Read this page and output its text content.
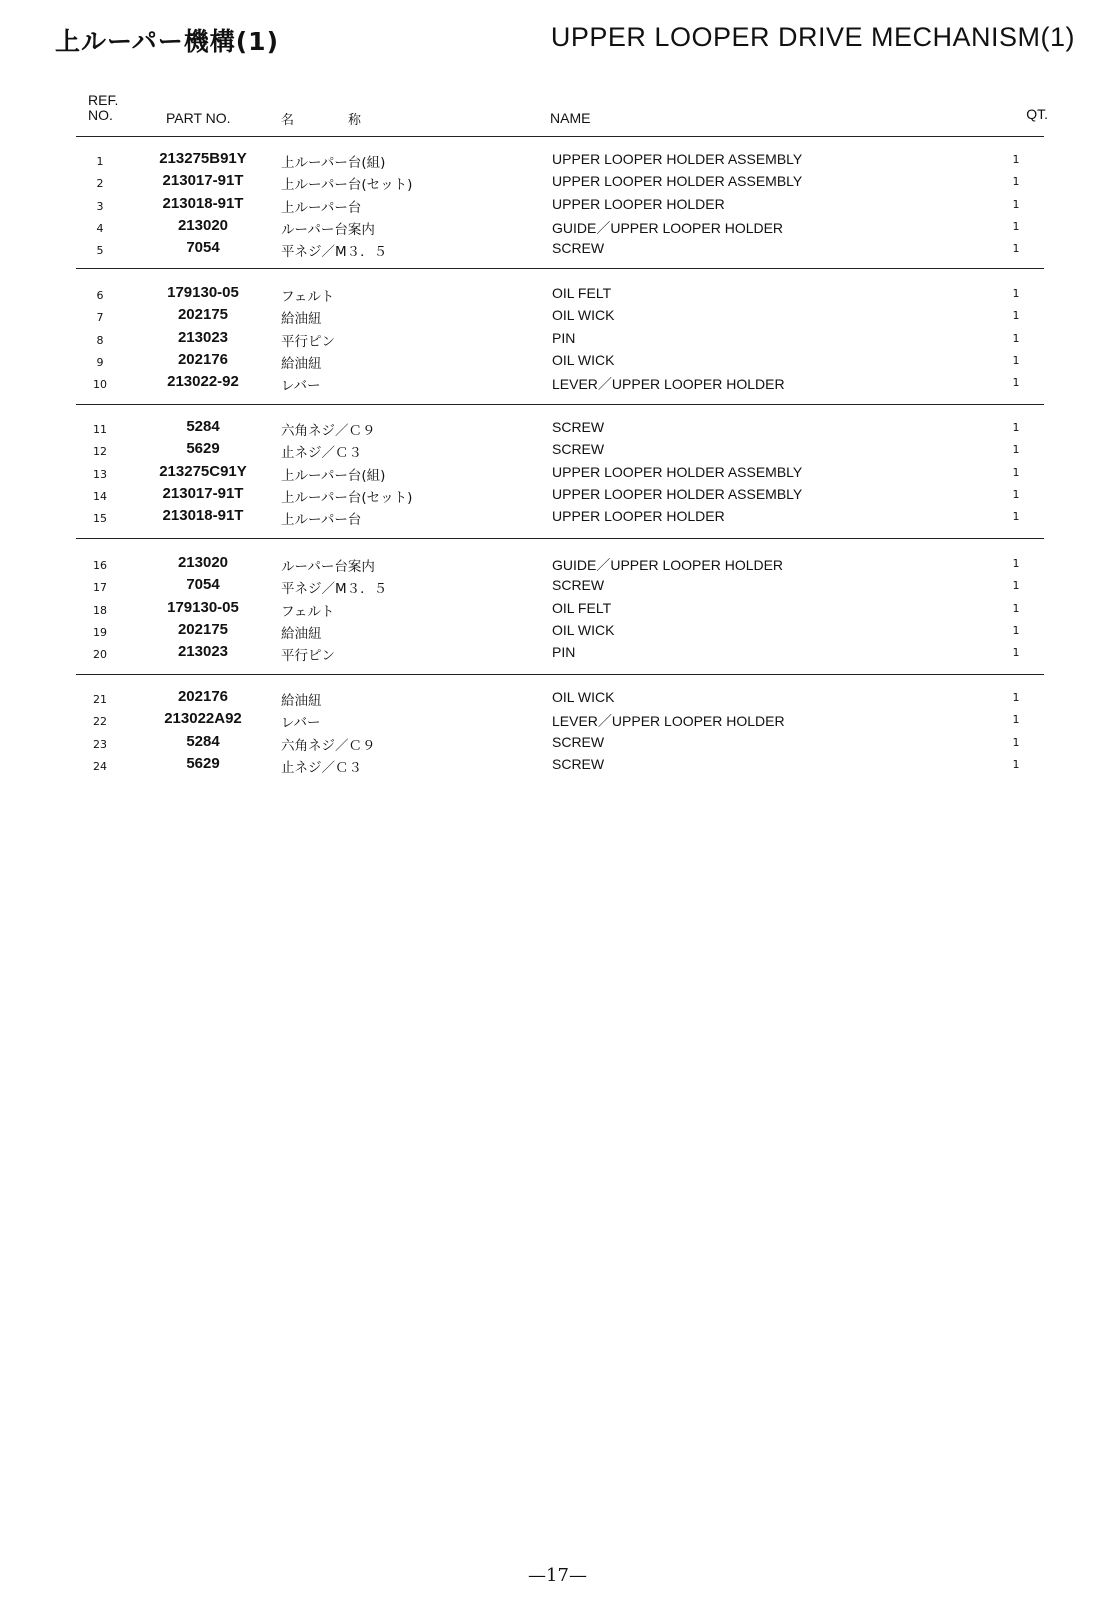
上ルーパー機構(1)	UPPER LOOPER DRIVE MECHANISM(1)
REF.
NO.	PART NO.	名	称	NAME	QT.
1	213275B91Y	上ルーパー台(組)	UPPER LOOPER HOLDER ASSEMBLY	1
2	213017-91T	上ルーパー台(セット)	UPPER LOOPER HOLDER ASSEMBLY	1
3	213018-91T	上ルーパー台	UPPER LOOPER HOLDER	1
4	213020	ルーパー台案内	GUIDE／UPPER LOOPER HOLDER	1
5	7054	平ネジ／M３．５	SCREW	1
6	179130-05	フェルト	OIL FELT	1
7	202175	給油紐	OIL WICK	1
8	213023	平行ピン	PIN	1
9	202176	給油紐	OIL WICK	1
10	213022-92	レバー	LEVER／UPPER LOOPER HOLDER	1
11	5284	六角ネジ／Ｃ９	SCREW	1
12	5629	止ネジ／Ｃ３	SCREW	1
13	213275C91Y	上ルーパー台(組)	UPPER LOOPER HOLDER ASSEMBLY	1
14	213017-91T	上ルーパー台(セット)	UPPER LOOPER HOLDER ASSEMBLY	1
15	213018-91T	上ルーパー台	UPPER LOOPER HOLDER	1
16	213020	ルーパー台案内	GUIDE／UPPER LOOPER HOLDER	1
17	7054	平ネジ／M３．５	SCREW	1
18	179130-05	フェルト	OIL FELT	1
19	202175	給油紐	OIL WICK	1
20	213023	平行ピン	PIN	1
21	202176	給油紐	OIL WICK	1
22	213022A92	レバー	LEVER／UPPER LOOPER HOLDER	1
23	5284	六角ネジ／Ｃ９	SCREW	1
24	5629	止ネジ／Ｃ３	SCREW	1
—17—
